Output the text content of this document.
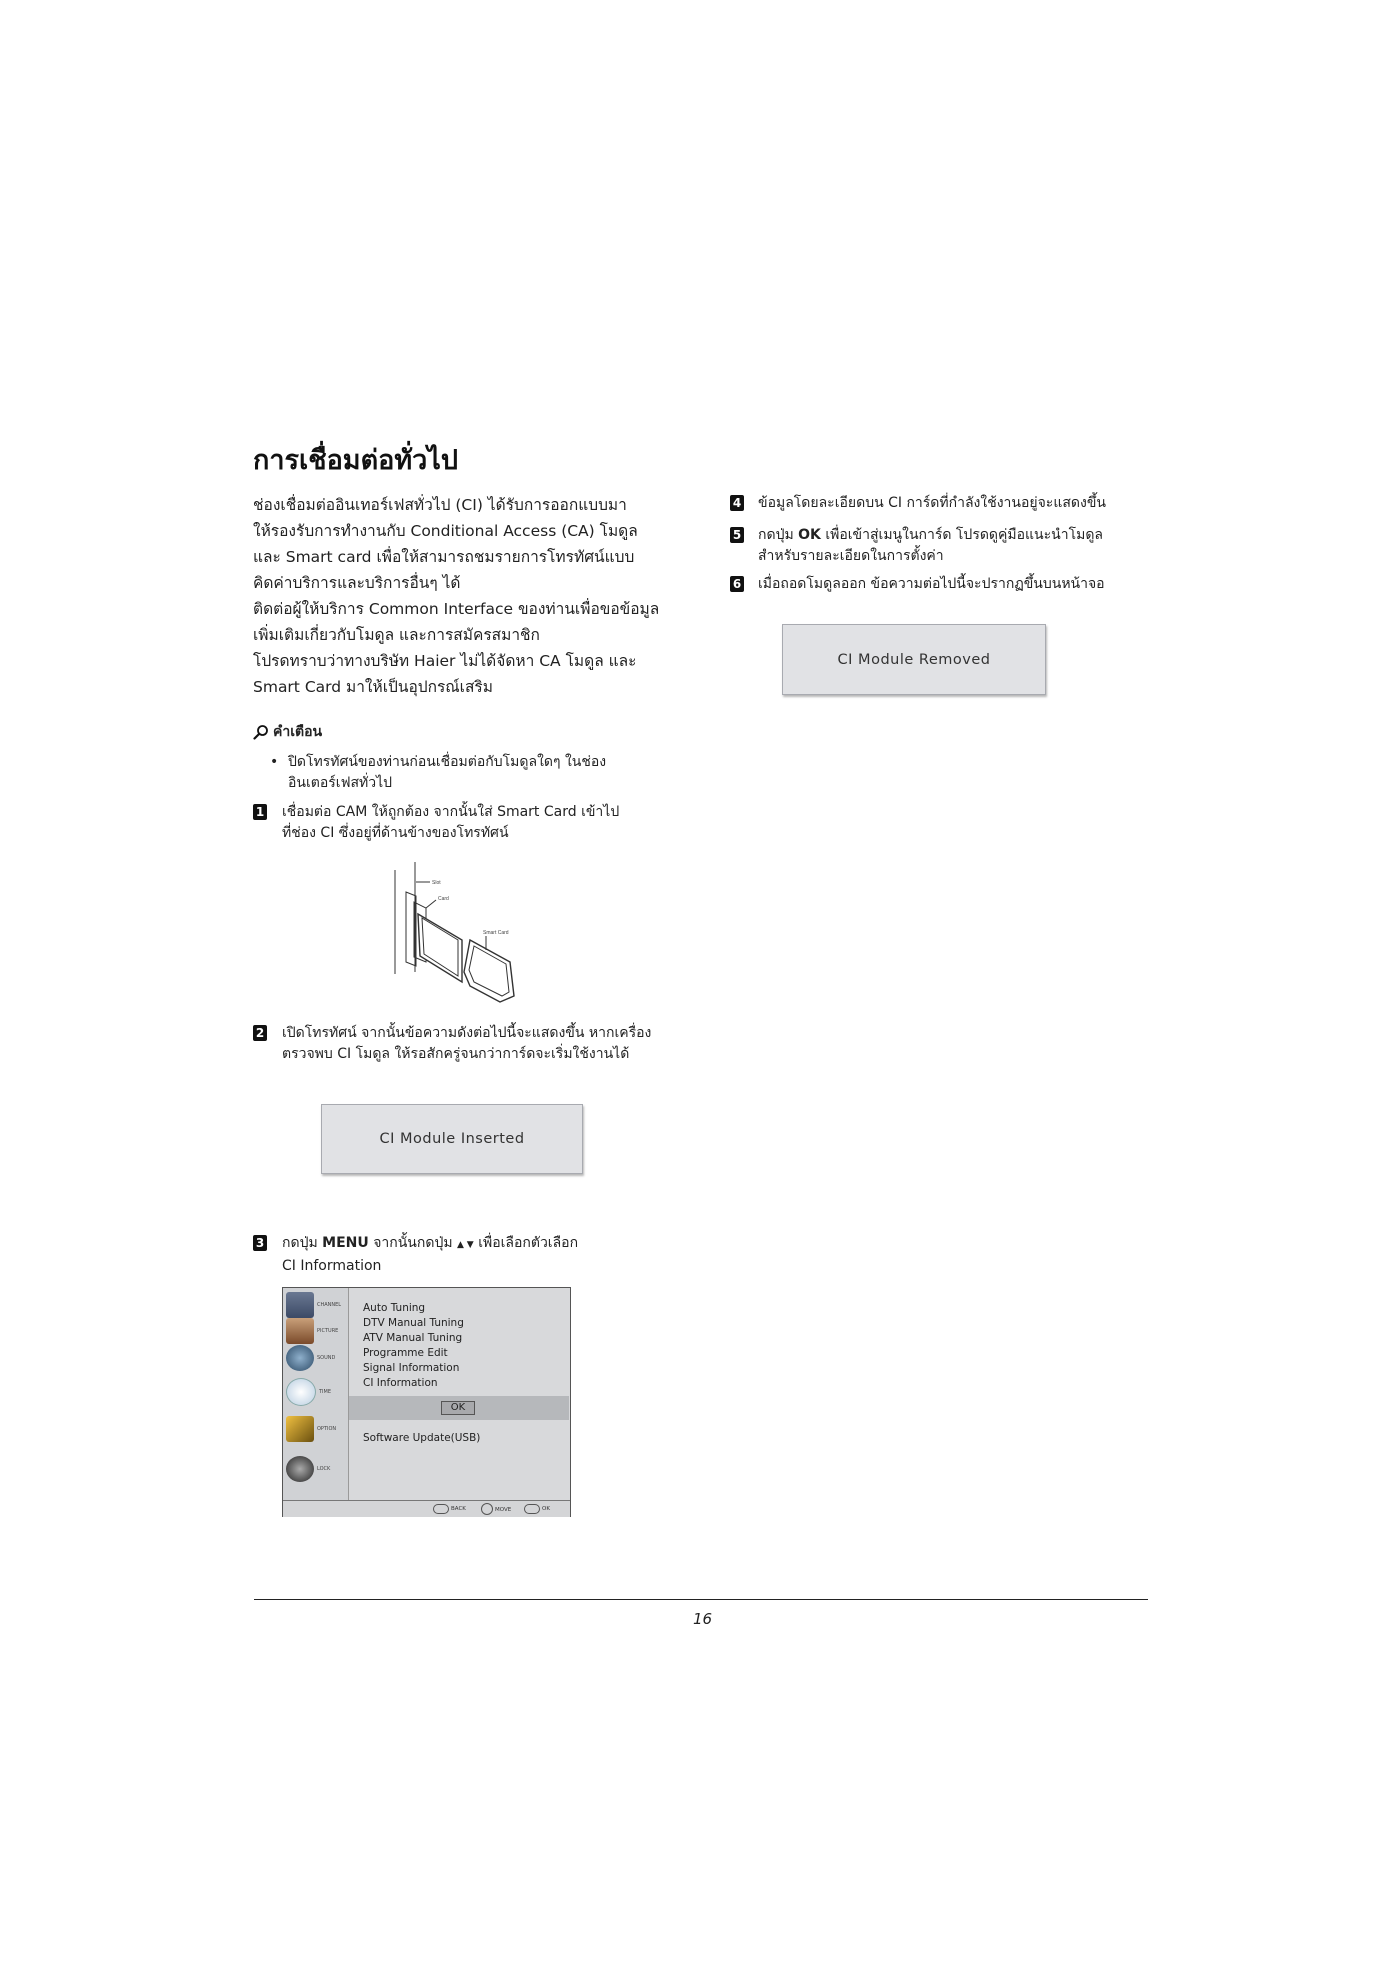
การเชื่อมต่อทั่วไป
ช่องเชื่อมต่ออินเทอร์เฟสทั่วไป (CI) ได้รับการออกแบบมา
ให้รองรับการทำงานกับ Conditional Access (CA) โมดูล
และ Smart card เพื่อให้สามารถชมรายการโทรทัศน์แบบ
คิดค่าบริการและบริการอื่นๆ ได้
ติดต่อผู้ให้บริการ Common Interface ของท่านเพื่อขอข้อมูล
เพิ่มเติมเกี่ยวกับโมดูล และการสมัครสมาชิก
โปรดทราบว่าทางบริษัท Haier ไม่ได้จัดหา CA โมดูล และ
Smart Card มาให้เป็นอุปกรณ์เสริม
คำเตือน
• ปิดโทรทัศน์ของท่านก่อนเชื่อมต่อกับโมดูลใดๆ ในช่อง
อินเตอร์เฟสทั่วไป
1 เชื่อมต่อ CAM ให้ถูกต้อง จากนั้นใส่ Smart Card เข้าไป
ที่ช่อง CI ซึ่งอยู่ที่ด้านข้างของโทรทัศน์
Slot
Card
Smart Card
2 เปิดโทรทัศน์ จากนั้นข้อความดังต่อไปนี้จะแสดงขึ้น หากเครื่อง
ตรวจพบ CI โมดูล ให้รอสักครู่จนกว่าการ์ดจะเริ่มใช้งานได้
CI Module Inserted
3 กดปุ่ม MENU จากนั้นกดปุ่ม ▲ ▼ เพื่อเลือกตัวเลือก
CI Information
CHANNEL
PICTURE
SOUND
TIME
OPTION
LOCK
Auto Tuning
DTV Manual Tuning
ATV Manual Tuning
Programme Edit
Signal Information
CI Information
OK
Software Update(USB)
BACK	MOVE	OK
4 ข้อมูลโดยละเอียดบน CI การ์ดที่กำลังใช้งานอยู่จะแสดงขึ้น
5 กดปุ่ม OK เพื่อเข้าสู่เมนูในการ์ด โปรดดูคู่มือแนะนำโมดูล
สำหรับรายละเอียดในการตั้งค่า
6 เมื่อถอดโมดูลออก ข้อความต่อไปนี้จะปรากฏขึ้นบนหน้าจอ
CI Module Removed
16
